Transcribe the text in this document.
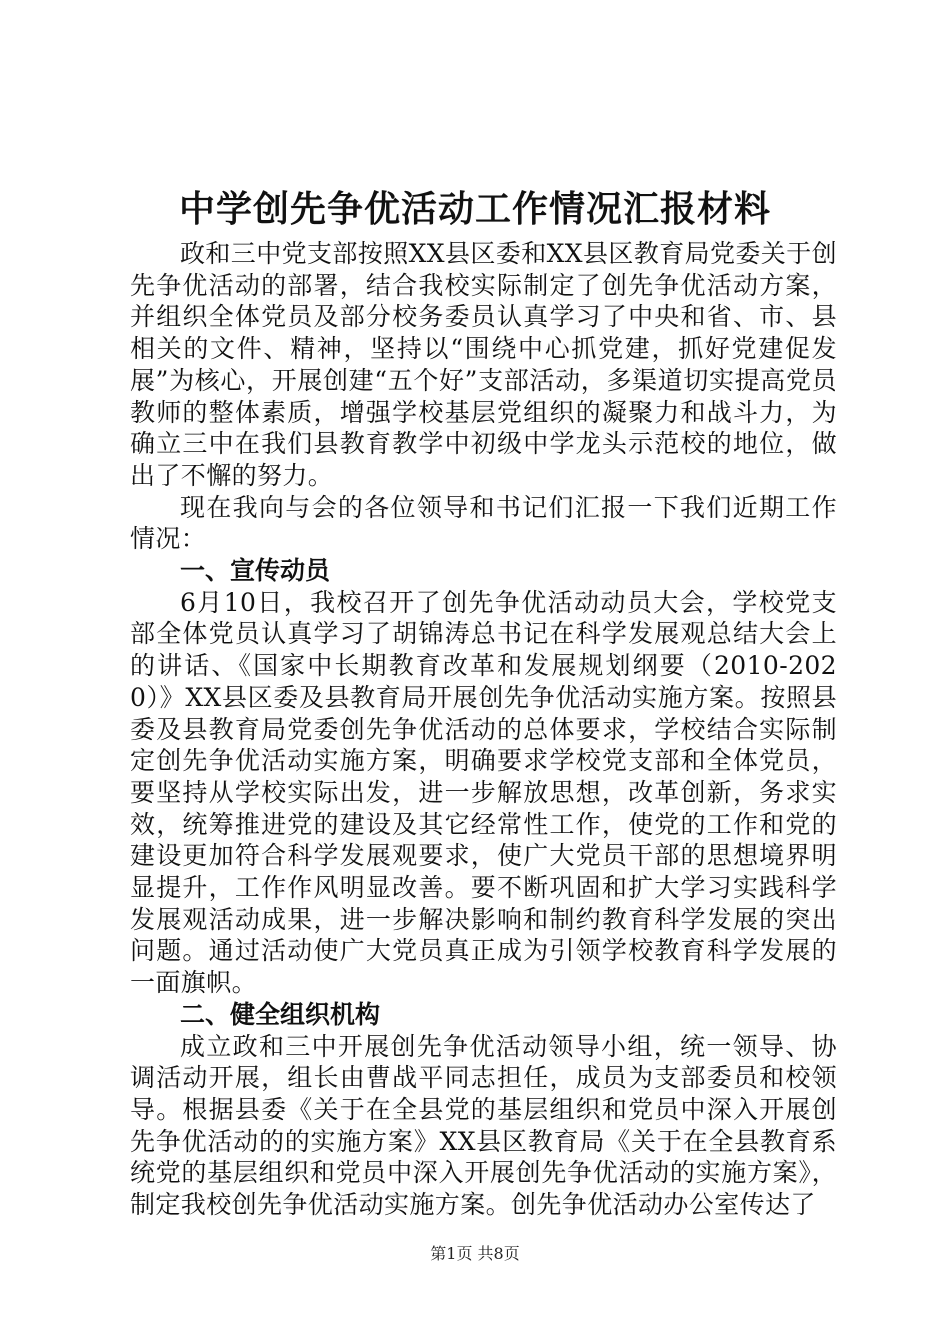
中学创先争优活动工作情况汇报材料

政和三中党支部按照XX县区委和XX县区教育局党委关于创先争优活动的部署，结合我校实际制定了创先争优活动方案，并组织全体党员及部分校务委员认真学习了中央和省、市、县相关的文件、精神，坚持以“围绕中心抓党建，抓好党建促发展”为核心，开展创建“五个好”支部活动，多渠道切实提高党员教师的整体素质，增强学校基层党组织的凝聚力和战斗力，为确立三中在我们县教育教学中初级中学龙头示范校的地位，做出了不懈的努力。

现在我向与会的各位领导和书记们汇报一下我们近期工作情况：

一、宣传动员

6月10日，我校召开了创先争优活动动员大会，学校党支部全体党员认真学习了胡锦涛总书记在科学发展观总结大会上的讲话、《国家中长期教育改革和发展规划纲要（2010-2020）》XX县区委及县教育局开展创先争优活动实施方案。按照县委及县教育局党委创先争优活动的总体要求，学校结合实际制定创先争优活动实施方案，明确要求学校党支部和全体党员，要坚持从学校实际出发，进一步解放思想，改革创新，务求实效，统筹推进党的建设及其它经常性工作，使党的工作和党的建设更加符合科学发展观要求，使广大党员干部的思想境界明显提升，工作作风明显改善。要不断巩固和扩大学习实践科学发展观活动成果，进一步解决影响和制约教育科学发展的突出问题。通过活动使广大党员真正成为引领学校教育科学发展的一面旗帜。

二、健全组织机构

成立政和三中开展创先争优活动领导小组，统一领导、协调活动开展，组长由曹战平同志担任，成员为支部委员和校领导。根据县委《关于在全县党的基层组织和党员中深入开展创先争优活动的的实施方案》XX县区教育局《关于在全县教育系统党的基层组织和党员中深入开展创先争优活动的实施方案》，制定我校创先争优活动实施方案。创先争优活动办公室传达了

第1页 共8页
